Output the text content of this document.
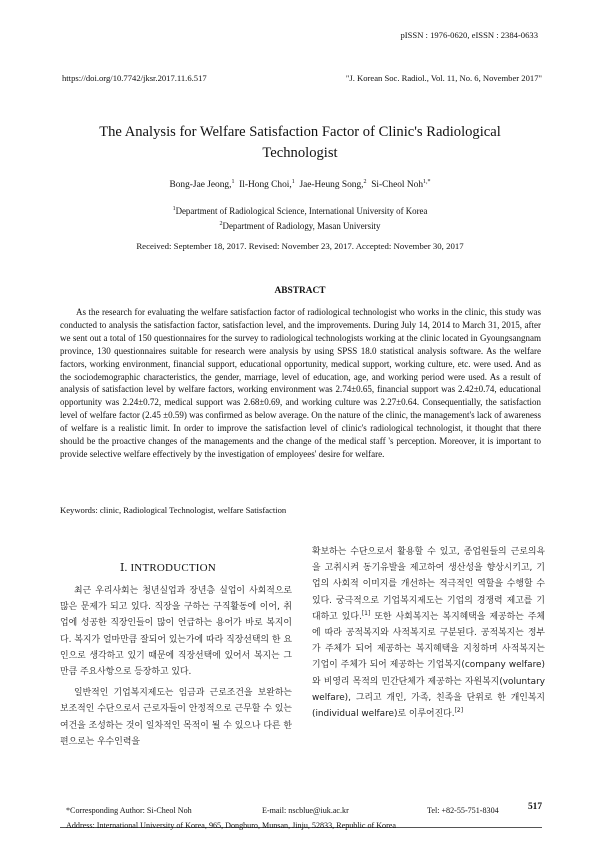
pISSN : 1976-0620, eISSN : 2384-0633
https://doi.org/10.7742/jksr.2017.11.6.517	"J. Korean Soc. Radiol., Vol. 11, No. 6, November 2017"
The Analysis for Welfare Satisfaction Factor of Clinic's Radiological Technologist
Bong-Jae Jeong,$^1$ Il-Hong Choi,$^1$ Jae-Heung Song,$^2$ Si-Cheol Noh$^{1,*}$
$^1$Department of Radiological Science, International University of Korea
$^2$Department of Radiology, Masan University
Received: September 18, 2017. Revised: November 23, 2017. Accepted: November 30, 2017
ABSTRACT

As the research for evaluating the welfare satisfaction factor of radiological technologist who works in the clinic, this study was conducted to analysis the satisfaction factor, satisfaction level, and the improvements. During July 14, 2014 to March 31, 2015, after we sent out a total of 150 questionnaires for the survey to radiological technologists working at the clinic located in Gyoungsangnam province, 130 questionnaires suitable for research were analysis by using SPSS 18.0 statistical analysis software. As the welfare factors, working environment, financial support, educational opportunity, medical support, working culture, etc. were used. And as the sociodemographic characteristics, the gender, marriage, level of education, age, and working period were used. As a result of analysis of satisfaction level by welfare factors, working environment was 2.74±0.65, financial support was 2.42±0.74, educational opportunity was 2.24±0.72, medical support was 2.68±0.69, and working culture was 2.27±0.64. Consequentially, the satisfaction level of welfare factor (2.45 ±0.59) was confirmed as below average. On the nature of the clinic, the management's lack of awareness of welfare is a realistic limit. In order to improve the satisfaction level of clinic's radiological technologist, it thought that there should be the proactive changes of the managements and the change of the medical staff 's perception. Moreover, it is important to provide selective welfare effectively by the investigation of employees' desire for welfare.

Keywords: clinic, Radiological Technologist, welfare Satisfaction
Ⅰ. INTRODUCTION

최근 우리사회는 청년실업과 장년층 실업이 사회적으로 많은 문제가 되고 있다. 직장을 구하는 구직활동에 이어, 취업에 성공한 직장인들이 많이 언급하는 용어가 바로 복지이다. 복지가 얼마만큼 잘되어 있는가에 따라 직장선택의 한 요인으로 생각하고 있기 때문에 직장선택에 있어서 복지는 그만큼 주요사항으로 등장하고 있다.

일반적인 기업복지제도는 임금과 근로조건을 보완하는 보조적인 수단으로서 근로자들이 안정적으로 근무할 수 있는 여건을 조성하는 것이 일차적인 목적이 될 수 있으나 다른 한편으로는 우수인력을

확보하는 수단으로서 활용할 수 있고, 종업원들의 근로의욕을 고취시켜 동기유발을 제고하여 생산성을 향상시키고, 기업의 사회적 이미지를 개선하는 적극적인 역할을 수행할 수 있다. 궁극적으로 기업복지제도는 기업의 경쟁력 제고를 기대하고 있다.[1] 또한 사회복지는 복지혜택을 제공하는 주체에 따라 공적복지와 사적복지로 구분된다. 공적복지는 정부가 주체가 되어 제공하는 복지혜택을 지칭하며 사적복지는 기업이 주체가 되어 제공하는 기업복지(company welfare)와 비영리 목적의 민간단체가 제공하는 자원복지(voluntary welfare), 그리고 개인, 가족, 친족을 단위로 한 개인복지(individual welfare)로 이루어진다.[2]

517
*Corresponding Author: Si-Cheol Noh	E-mail: nscblue@iuk.ac.kr	Tel: +82-55-751-8304
Address: International University of Korea, 965, Dongburo, Munsan, Jinju, 52833, Republic of Korea
